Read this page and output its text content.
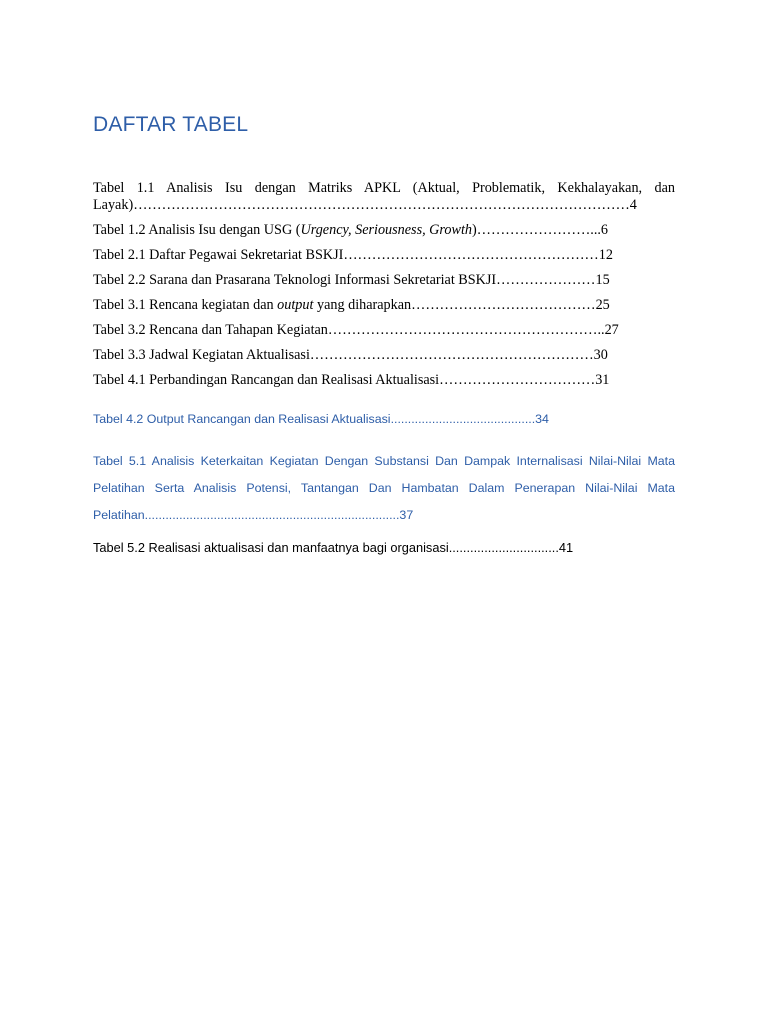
DAFTAR TABEL

Tabel 1.1 Analisis Isu dengan Matriks APKL (Aktual, Problematik, Kekhalayakan, dan Layak)……………………………………………………………………………………………4

Tabel 1.2 Analisis Isu dengan USG (Urgency, Seriousness, Growth)……………………...6

Tabel 2.1 Daftar Pegawai Sekretariat BSKJI………………………………………………12

Tabel 2.2 Sarana dan Prasarana Teknologi Informasi Sekretariat BSKJI…………………15

Tabel 3.1 Rencana kegiatan dan output yang diharapkan…………………………………25

Tabel 3.2 Rencana dan Tahapan Kegiatan…………………………………………………..27

Tabel 3.3 Jadwal Kegiatan Aktualisasi……………………………………………………30

Tabel 4.1 Perbandingan Rancangan dan Realisasi Aktualisasi……………………………31

Tabel 4.2 Output Rancangan dan Realisasi Aktualisasi..........................................34

Tabel 5.1 Analisis Keterkaitan Kegiatan Dengan Substansi Dan Dampak Internalisasi Nilai-Nilai Mata Pelatihan Serta Analisis Potensi, Tantangan Dan Hambatan Dalam Penerapan Nilai-Nilai Mata Pelatihan..........................................................................37

Tabel 5.2 Realisasi aktualisasi dan manfaatnya bagi organisasi...............................41
